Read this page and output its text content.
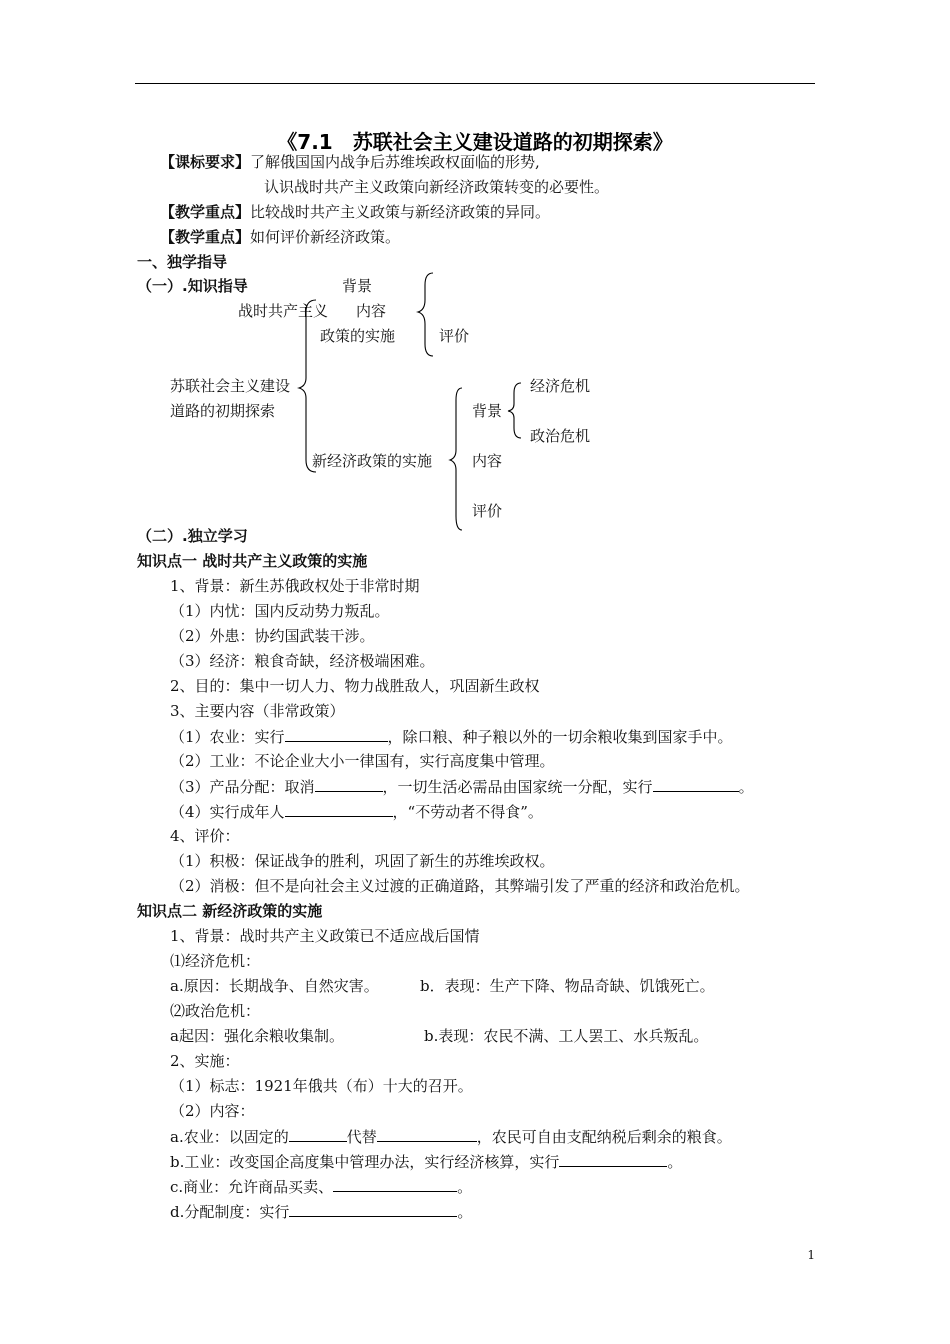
《7.1　苏联社会主义建设道路的初期探索》
【课标要求】了解俄国国内战争后苏维埃政权面临的形势,
认识战时共产主义政策向新经济政策转变的必要性。
【教学重点】比较战时共产主义政策与新经济政策的异同。
【教学重点】如何评价新经济政策。
一、独学指导
（一）.知识指导	背景
战时共产主义 内容
政策的实施	评价
苏联社会主义建设
道路的初期探索
经济危机
背景
政治危机
新经济政策的实施	内容
评价
（二）.独立学习
知识点一 战时共产主义政策的实施
1、背景：新生苏俄政权处于非常时期
（1）内忧：国内反动势力叛乱。
（2）外患：协约国武装干涉。
（3）经济：粮食奇缺，经济极端困难。
2、目的：集中一切人力、物力战胜敌人，巩固新生政权
3、主要内容（非常政策）
（1）农业：实行	，除口粮、种子粮以外的一切余粮收集到国家手中。
（2）工业：不论企业大小一律国有，实行高度集中管理。
（3）产品分配：取消	，一切生活必需品由国家统一分配，实行	。
（4）实行成年人	，“不劳动者不得食”。
4、评价：
（1）积极：保证战争的胜利，巩固了新生的苏维埃政权。
（2）消极：但不是向社会主义过渡的正确道路，其弊端引发了严重的经济和政治危机。
知识点二 新经济政策的实施
1、背景：战时共产主义政策已不适应战后国情
⑴经济危机：
a.原因：长期战争、自然灾害。	b．表现：生产下降、物品奇缺、饥饿死亡。
⑵政治危机：
a起因：强化余粮收集制。	b.表现：农民不满、工人罢工、水兵叛乱。
2、实施：
（1）标志：1921年俄共（布）十大的召开。
（2）内容：
a.农业：以固定的	代替	，农民可自由支配纳税后剩余的粮食。
b.工业：改变国企高度集中管理办法，实行经济核算，实行	。
c.商业：允许商品买卖、	。
d.分配制度：实行	。
1
